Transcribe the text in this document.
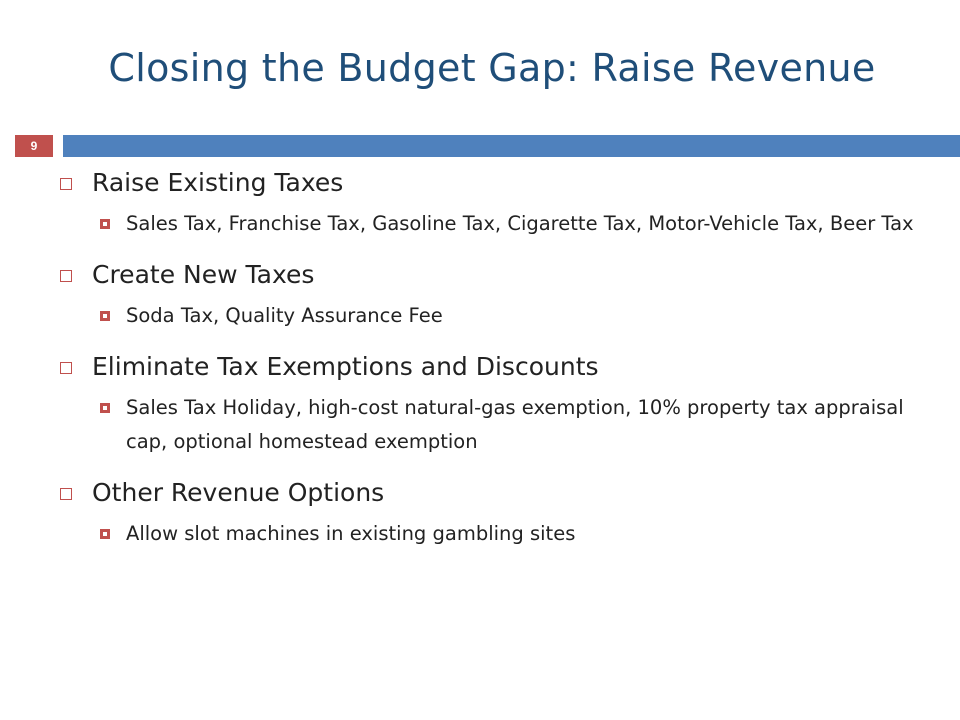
Closing the Budget Gap: Raise Revenue
9
Raise Existing Taxes
Sales Tax, Franchise Tax, Gasoline Tax, Cigarette Tax, Motor-Vehicle Tax, Beer Tax
Create New Taxes
Soda Tax, Quality Assurance Fee
Eliminate Tax Exemptions and Discounts
Sales Tax Holiday, high-cost natural-gas exemption, 10% property tax appraisal cap, optional homestead exemption
Other Revenue Options
Allow slot machines in existing gambling sites
